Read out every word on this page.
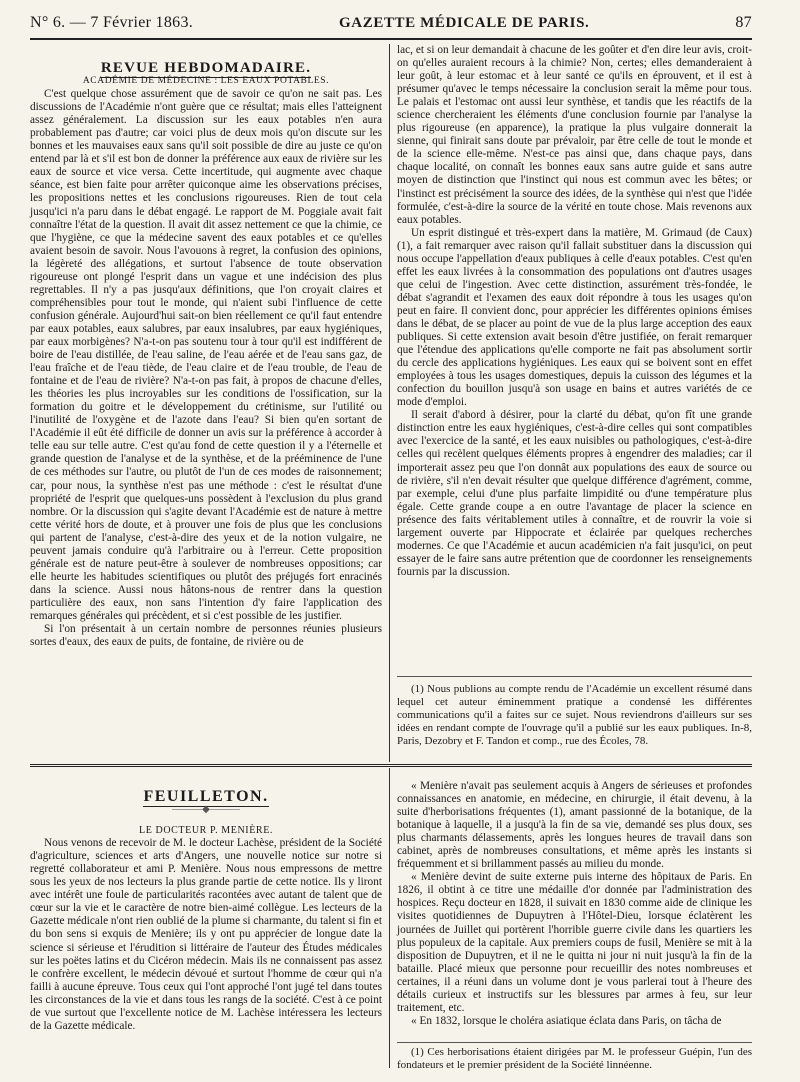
N° 6. — 7 Février 1863.	GAZETTE MÉDICALE DE PARIS.	87

REVUE HEBDOMADAIRE.

ACADÉMIE DE MÉDECINE : LES EAUX POTABLES.

C'est quelque chose assurément que de savoir ce qu'on ne sait pas. Les discussions de l'Académie n'ont guère que ce résultat; mais elles l'atteignent assez généralement. La discussion sur les eaux potables n'en aura probablement pas d'autre; car voici plus de deux mois qu'on discute sur les bonnes et les mauvaises eaux sans qu'il soit possible de dire au juste ce qu'on entend par là et s'il est bon de donner la préférence aux eaux de rivière sur les eaux de source et vice versa. Cette incertitude, qui augmente avec chaque séance, est bien faite pour arrêter quiconque aime les observations précises, les propositions nettes et les conclusions rigoureuses. Rien de tout cela jusqu'ici n'a paru dans le débat engagé. Le rapport de M. Poggiale avait fait connaître l'état de la question. Il avait dit assez nettement ce que la chimie, ce que l'hygiène, ce que la médecine savent des eaux potables et ce qu'elles avaient besoin de savoir. Nous l'avouons à regret, la confusion des opinions, la légèreté des allégations, et surtout l'absence de toute observation rigoureuse ont plongé l'esprit dans un vague et une indécision des plus regrettables. Il n'y a pas jusqu'aux définitions, que l'on croyait claires et compréhensibles pour tout le monde, qui n'aient subi l'influence de cette confusion générale. Aujourd'hui sait-on bien réellement ce qu'il faut entendre par eaux potables, eaux salubres, par eaux insalubres, par eaux hygiéniques, par eaux morbigènes? N'a-t-on pas soutenu tour à tour qu'il est indifférent de boire de l'eau distillée, de l'eau saline, de l'eau aérée et de l'eau sans gaz, de l'eau fraîche et de l'eau tiède, de l'eau claire et de l'eau trouble, de l'eau de fontaine et de l'eau de rivière? N'a-t-on pas fait, à propos de chacune d'elles, les théories les plus incroyables sur les conditions de l'ossification, sur la formation du goitre et le développement du crétinisme, sur l'utilité ou l'inutilité de l'oxygène et de l'azote dans l'eau? Si bien qu'en sortant de l'Académie il eût été difficile de donner un avis sur la préférence à accorder à telle eau sur telle autre. C'est qu'au fond de cette question il y a l'éternelle et grande question de l'analyse et de la synthèse, et de la prééminence de l'une de ces méthodes sur l'autre, ou plutôt de l'un de ces modes de raisonnement; car, pour nous, la synthèse n'est pas une méthode : c'est le résultat d'une propriété de l'esprit que quelques-uns possèdent à l'exclusion du plus grand nombre. Or la discussion qui s'agite devant l'Académie est de nature à mettre cette vérité hors de doute, et à prouver une fois de plus que les conclusions qui partent de l'analyse, c'est-à-dire des yeux et de la notion vulgaire, ne peuvent jamais conduire qu'à l'arbitraire ou à l'erreur. Cette proposition générale est de nature peut-être à soulever de nombreuses oppositions; car elle heurte les habitudes scientifiques ou plutôt des préjugés fort enracinés dans la science. Aussi nous hâtons-nous de rentrer dans la question particulière des eaux, non sans l'intention d'y faire l'application des remarques générales qui précèdent, et si c'est possible de les justifier.

Si l'on présentait à un certain nombre de personnes réunies plusieurs sortes d'eaux, des eaux de puits, de fontaine, de rivière ou de

lac, et si on leur demandait à chacune de les goûter et d'en dire leur avis, croit-on qu'elles auraient recours à la chimie? Non, certes; elles demanderaient à leur goût, à leur estomac et à leur santé ce qu'ils en éprouvent, et il est à présumer qu'avec le temps nécessaire la conclusion serait la même pour tous. Le palais et l'estomac ont aussi leur synthèse, et tandis que les réactifs de la science chercheraient les éléments d'une conclusion fournie par l'analyse la plus rigoureuse (en apparence), la pratique la plus vulgaire donnerait la sienne, qui finirait sans doute par prévaloir, par être celle de tout le monde et de la science elle-même. N'est-ce pas ainsi que, dans chaque pays, dans chaque localité, on connaît les bonnes eaux sans autre guide et sans autre moyen de distinction que l'instinct qui nous est commun avec les bêtes; or l'instinct est précisément la source des idées, de la synthèse qui n'est que l'idée formulée, c'est-à-dire la source de la vérité en toute chose. Mais revenons aux eaux potables.

Un esprit distingué et très-expert dans la matière, M. Grimaud (de Caux) (1), a fait remarquer avec raison qu'il fallait substituer dans la discussion qui nous occupe l'appellation d'eaux publiques à celle d'eaux potables. C'est qu'en effet les eaux livrées à la consommation des populations ont d'autres usages que celui de l'ingestion. Avec cette distinction, assurément très-fondée, le débat s'agrandit et l'examen des eaux doit répondre à tous les usages qu'on peut en faire. Il convient donc, pour apprécier les différentes opinions émises dans le débat, de se placer au point de vue de la plus large acception des eaux publiques. Si cette extension avait besoin d'être justifiée, on ferait remarquer que l'étendue des applications qu'elle comporte ne fait pas absolument sortir du cercle des applications hygiéniques. Les eaux qui se boivent sont en effet employées à tous les usages domestiques, depuis la cuisson des légumes et la confection du bouillon jusqu'à son usage en bains et autres variétés de ce mode d'emploi.

Il serait d'abord à désirer, pour la clarté du débat, qu'on fît une grande distinction entre les eaux hygiéniques, c'est-à-dire celles qui sont compatibles avec l'exercice de la santé, et les eaux nuisibles ou pathologiques, c'est-à-dire celles qui recèlent quelques éléments propres à engendrer des maladies; car il importerait assez peu que l'on donnât aux populations des eaux de source ou de rivière, s'il n'en devait résulter que quelque différence d'agrément, comme, par exemple, celui d'une plus parfaite limpidité ou d'une température plus égale. Cette grande coupe a en outre l'avantage de placer la science en présence des faits véritablement utiles à connaître, et de rouvrir la voie si largement ouverte par Hippocrate et éclairée par quelques recherches modernes. Ce que l'Académie et aucun académicien n'a fait jusqu'ici, on peut essayer de le faire sans autre prétention que de coordonner les renseignements fournis par la discussion.

(1) Nous publions au compte rendu de l'Académie un excellent résumé dans lequel cet auteur éminemment pratique a condensé les différentes communications qu'il a faites sur ce sujet. Nous reviendrons d'ailleurs sur ses idées en rendant compte de l'ouvrage qu'il a publié sur les eaux publiques. In-8, Paris, Dezobry et F. Tandon et comp., rue des Écoles, 78.

FEUILLETON.

———◆———

LE DOCTEUR P. MENIÈRE.

Nous venons de recevoir de M. le docteur Lachèse, président de la Société d'agriculture, sciences et arts d'Angers, une nouvelle notice sur notre si regretté collaborateur et ami P. Menière. Nous nous empressons de mettre sous les yeux de nos lecteurs la plus grande partie de cette notice. Ils y liront avec intérêt une foule de particularités racontées avec autant de talent que de cœur sur la vie et le caractère de notre bien-aimé collègue. Les lecteurs de la Gazette médicale n'ont rien oublié de la plume si charmante, du talent si fin et du bon sens si exquis de Menière; ils y ont pu apprécier de longue date la science si sérieuse et l'érudition si littéraire de l'auteur des Études médicales sur les poëtes latins et du Cicéron médecin. Mais ils ne connaissent pas assez le confrère excellent, le médecin dévoué et surtout l'homme de cœur qui n'a failli à aucune épreuve. Tous ceux qui l'ont approché l'ont jugé tel dans toutes les circonstances de la vie et dans tous les rangs de la société. C'est à ce point de vue surtout que l'excellente notice de M. Lachèse intéressera les lecteurs de la Gazette médicale.

« Menière n'avait pas seulement acquis à Angers de sérieuses et profondes connaissances en anatomie, en médecine, en chirurgie, il était devenu, à la suite d'herborisations fréquentes (1), amant passionné de la botanique, de la botanique à laquelle, il a jusqu'à la fin de sa vie, demandé ses plus doux, ses plus charmants délassements, après les longues heures de travail dans son cabinet, après de nombreuses consultations, et même après les instants si fréquemment et si brillamment passés au milieu du monde.

« Menière devint de suite externe puis interne des hôpitaux de Paris. En 1826, il obtint à ce titre une médaille d'or donnée par l'administration des hospices. Reçu docteur en 1828, il suivait en 1830 comme aide de clinique les visites quotidiennes de Dupuytren à l'Hôtel-Dieu, lorsque éclatèrent les journées de Juillet qui portèrent l'horrible guerre civile dans les quartiers les plus populeux de la capitale. Aux premiers coups de fusil, Menière se mit à la disposition de Dupuytren, et il ne le quitta ni jour ni nuit jusqu'à la fin de la bataille. Placé mieux que personne pour recueillir des notes nombreuses et certaines, il a réuni dans un volume dont je vous parlerai tout à l'heure des détails curieux et instructifs sur les blessures par armes à feu, sur leur traitement, etc.

« En 1832, lorsque le choléra asiatique éclata dans Paris, on tâcha de

(1) Ces herborisations étaient dirigées par M. le professeur Guépin, l'un des fondateurs et le premier président de la Société linnéenne.
